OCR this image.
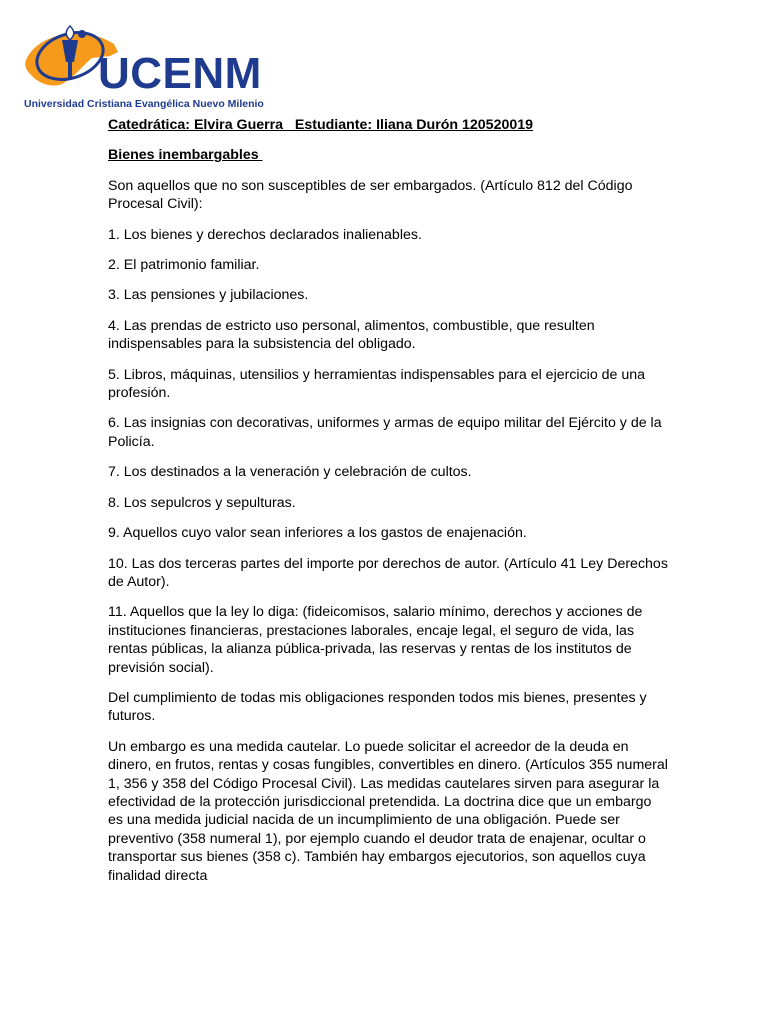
UCENM
Universidad Cristiana Evangélica Nuevo Milenio
Catedrática: Elvira Guerra Estudiante: Iliana Durón 120520019
Bienes inembargables

Son aquellos que no son susceptibles de ser embargados. (Artículo 812 del Código Procesal Civil):

1. Los bienes y derechos declarados inalienables.

2. El patrimonio familiar.

3. Las pensiones y jubilaciones.

4. Las prendas de estricto uso personal, alimentos, combustible, que resulten indispensables para la subsistencia del obligado.

5. Libros, máquinas, utensilios y herramientas indispensables para el ejercicio de una profesión.

6. Las insignias con decorativas, uniformes y armas de equipo militar del Ejército y de la Policía.

7. Los destinados a la veneración y celebración de cultos.

8. Los sepulcros y sepulturas.

9. Aquellos cuyo valor sean inferiores a los gastos de enajenación.

10. Las dos terceras partes del importe por derechos de autor. (Artículo 41 Ley Derechos de Autor).

11. Aquellos que la ley lo diga: (fideicomisos, salario mínimo, derechos y acciones de instituciones financieras, prestaciones laborales, encaje legal, el seguro de vida, las rentas públicas, la alianza pública-privada, las reservas y rentas de los institutos de previsión social).

Del cumplimiento de todas mis obligaciones responden todos mis bienes, presentes y futuros.

Un embargo es una medida cautelar. Lo puede solicitar el acreedor de la deuda en dinero, en frutos, rentas y cosas fungibles, convertibles en dinero. (Artículos 355 numeral 1, 356 y 358 del Código Procesal Civil). Las medidas cautelares sirven para asegurar la efectividad de la protección jurisdiccional pretendida. La doctrina dice que un embargo es una medida judicial nacida de un incumplimiento de una obligación. Puede ser preventivo (358 numeral 1), por ejemplo cuando el deudor trata de enajenar, ocultar o transportar sus bienes (358 c). También hay embargos ejecutorios, son aquellos cuya finalidad directa
